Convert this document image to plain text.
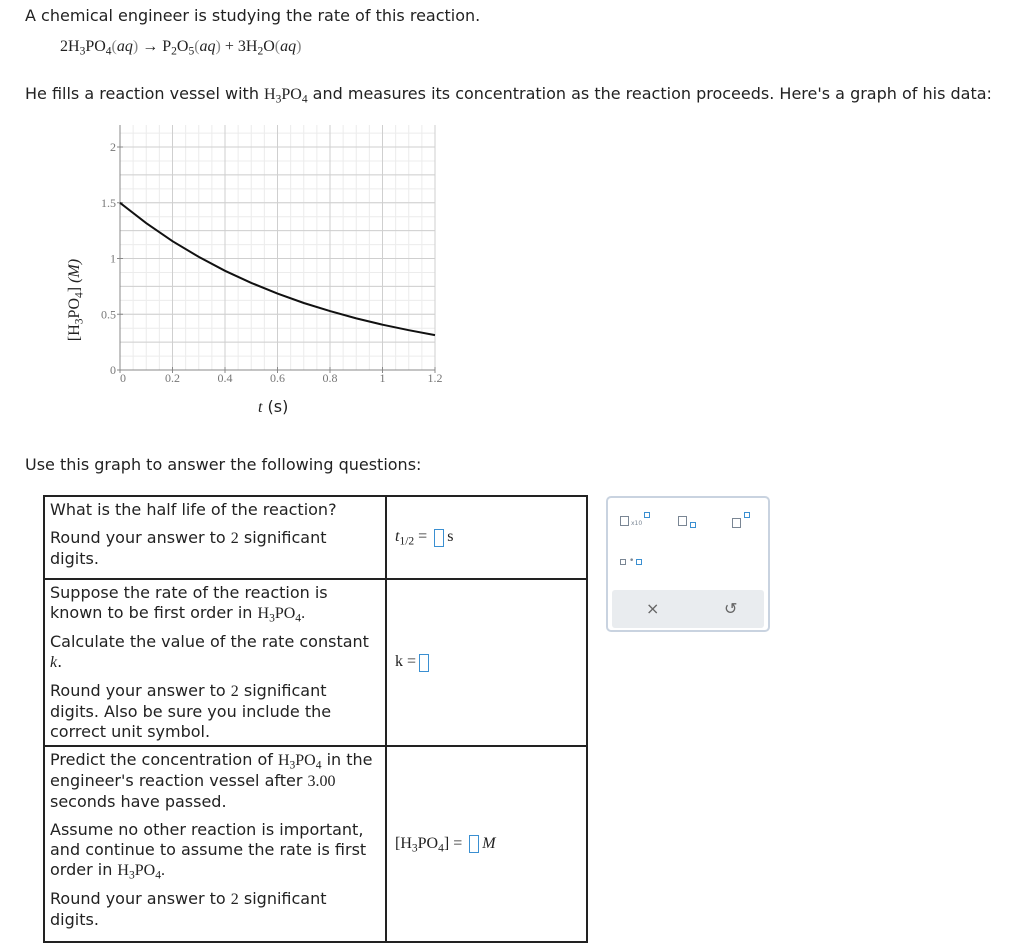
A chemical engineer is studying the rate of this reaction.
$2H_3PO_4(aq) \to P_2O_5(aq) + 3H_2O(aq)$
He fills a reaction vessel with $H_3PO_4$ and measures its concentration as the reaction proceeds. Here's a graph of his data:
$[H_3PO_4]$ (M)
0	0.2	0.4	0.6	0.8	1	1.2
0
0.5
1
1.5
2
t (s)
Use this graph to answer the following questions:
What is the half life of the reaction?
Round your answer to 2 significant digits.	$t_{1/2} = s$

Suppose the rate of the reaction is known to be first order in $H_3PO_4$.
Calculate the value of the rate constant k.
Round your answer to 2 significant digits. Also be sure you include the correct unit symbol.	k =

Predict the concentration of $H_3PO_4$ in the engineer's reaction vessel after 3.00 seconds have passed.
Assume no other reaction is important, and continue to assume the rate is first order in $H_3PO_4$.
Round your answer to 2 significant digits.	$[H_3PO_4] = M$
x10
•
×	↺
